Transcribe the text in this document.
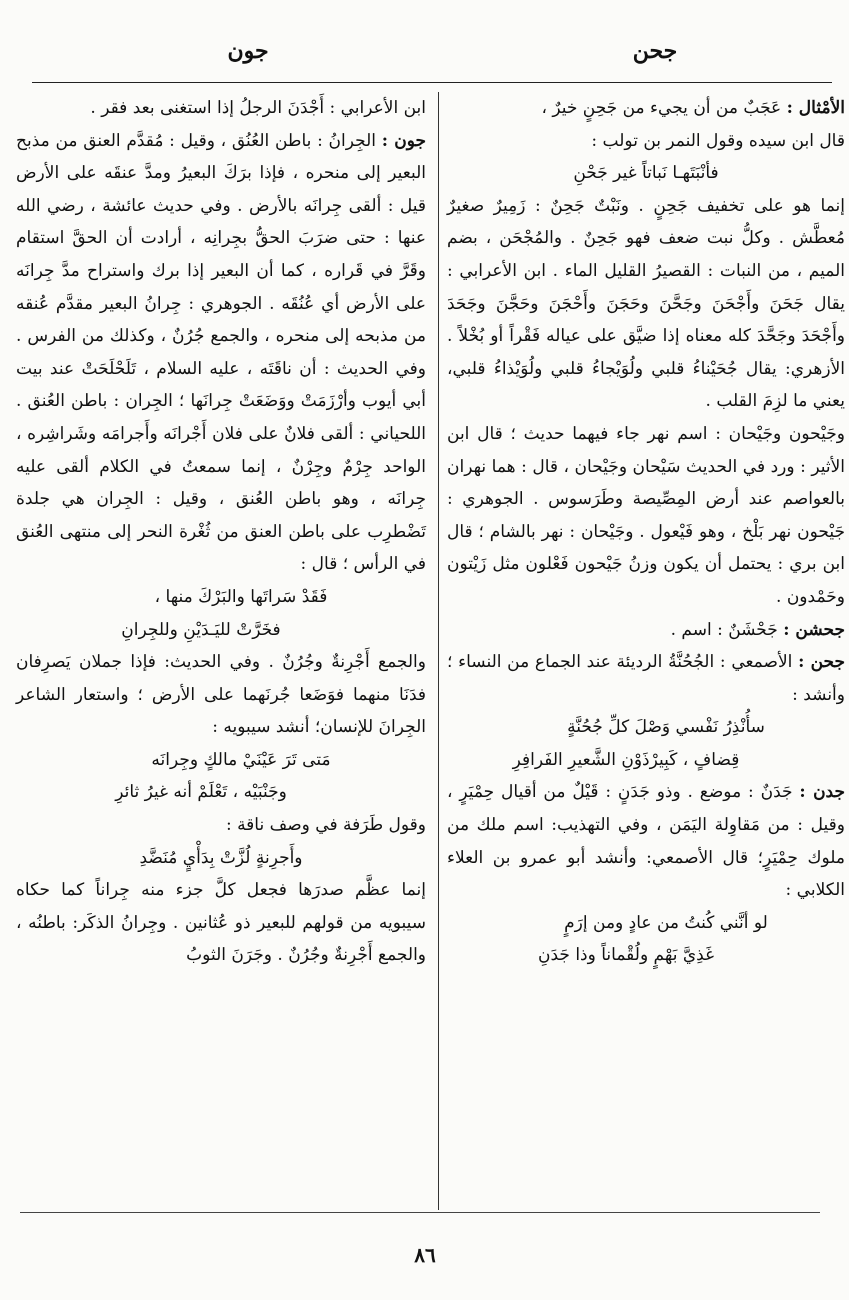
جحن
جون

الأمْثال : عَجَبٌ من أن يجيء من جَحِنٍ خيرٌ ،

قال ابن سيده وقول النمر بن تولب :

فأنْبَتَهـا نَباتاً غير جَحْنِ

إنما هو على تخفيف جَحِنٍ . ونَبْتٌ جَحِنٌ : زَمِيرٌ صغيرٌ مُعطَّش . وكلُّ نبت ضعف فهو جَحِنٌ . والمُجْحَن ، بضم الميم ، من النبات : القصيرُ القليل الماء . ابن الأعرابي : يقال جَحَنَ وأَجْحَنَ وجَحَّنَ وحَجَنَ وأَحْجَنَ وحَجَّنَ وجَحَدَ وأَجْحَدَ وجَحَّدَ كله معناه إذا ضيَّق على عياله فَقْراً أو بُخْلاً . الأزهري: يقال جُحَيْناءُ قلبي ولُوَيْجاءُ قلبي ولُوَيْذاءُ قلبي، يعني ما لزِمَ القلب .

وجَيْحون وجَيْحان : اسم نهر جاء فيهما حديث ؛ قال ابن الأثير : ورد في الحديث سَيْحان وجَيْحان ، قال : هما نهران بالعواصم عند أرض المِصِّيصة وطَرَسوس . الجوهري : جَيْحون نهر بَلْخ ، وهو فَيْعول . وجَيْحان : نهر بالشام ؛ قال ابن بري : يحتمل أن يكون وزنُ جَيْحون فَعْلون مثل زَيْتون وحَمْدون .

جحشن : جَحْشَنٌ : اسم .

جحن : الأصمعي : الجُحُنَّةُ الرديئة عند الجماع من النساء ؛ وأنشد :

سأُنْذِرُ نَفْسي وَصْلَ كلِّ جُحُنَّةٍ

قِضافٍ ، كَبِيرْذَوْنِ الشَّعيرِ الفَرافِرِ

جدن : جَدَنٌ : موضع . وذو جَدَنٍ : قَيْلٌ من أقيال حِمْيَرٍ ، وقيل : من مَقاوِلة اليَمَن ، وفي التهذيب: اسم ملك من ملوك حِمْيَرٍ؛ قال الأصمعي: وأنشد أبو عمرو بن العلاء الكلابي :

لو أنَّني كُنتُ من عادٍ ومن إرَمٍ

غَذِيَّ بَهْمٍ ولُقْماناً وذا جَدَنِ

ابن الأعرابي : أَجْدَنَ الرجلُ إذا استغنى بعد فقر .

جون : الجِرانُ : باطن العُنُق ، وقيل : مُقدَّم العنق من مذبح البعير إلى منحره ، فإذا برَكَ البعيرُ ومدَّ عنقَه على الأرض قيل : ألقى جِرانَه بالأرض . وفي حديث عائشة ، رضي الله عنها : حتى ضرَبَ الحقُّ بجِرانِه ، أرادت أن الحقَّ استقام وقَرَّ في قَراره ، كما أن البعير إذا برك واستراح مدَّ جِرانَه على الأرض أي عُنُقَه . الجوهري : جِرانُ البعير مقدَّم عُنقه من مذبحه إلى منحره ، والجمع جُرُنٌ ، وكذلك من الفرس . وفي الحديث : أن ناقَتَه ، عليه السلام ، تَلَحْلَحَتْ عند بيت أبي أيوب وأرْزَمَتْ ووَضَعَتْ جِرانَها ؛ الجِران : باطن العُنق . اللحياني : ألقى فلانٌ على فلان أَجْرانَه وأَجرامَه وشَراشِره ، الواحد جِرْمٌ وجِرْنٌ ، إنما سمعتُ في الكلام ألقى عليه جِرانَه ، وهو باطن العُنق ، وقيل : الجِران هي جلدة تَضْطرِب على باطن العنق من ثُغْرة النحر إلى منتهى العُنق في الرأس ؛ قال :

فَقَدْ سَراتَها والبَرْكَ منها ،

فخَرَّتْ لليَـدَيْنِ وللجِرانِ

والجمع أَجْرِنةٌ وجُرُنٌ . وفي الحديث: فإذا جملان يَصرِفان فدَنَا منهما فوَضَعا جُرنَهما على الأرض ؛ واستعار الشاعر الجِرانَ للإنسان؛ أنشد سيبويه :

مَتى تَرَ عَيْنَيْ مالكٍ وجِرانَه

وجَنْبَيْه ، تَعْلَمْ أنه غيرُ ثائرِ

وقول طَرَفة في وصف ناقة :

وأَجرِنةٍ لُزَّتْ بِدَأْيٍ مُنَضَّدِ

إنما عظَّم صدرَها فجعل كلَّ جزء منه جِراناً كما حكاه سيبويه من قولهم للبعير ذو عُثانين . وجِرانُ الذكَر: باطنُه ، والجمع أَجْرِنةٌ وجُرُنٌ . وجَرَنَ الثوبُ

٨٦
